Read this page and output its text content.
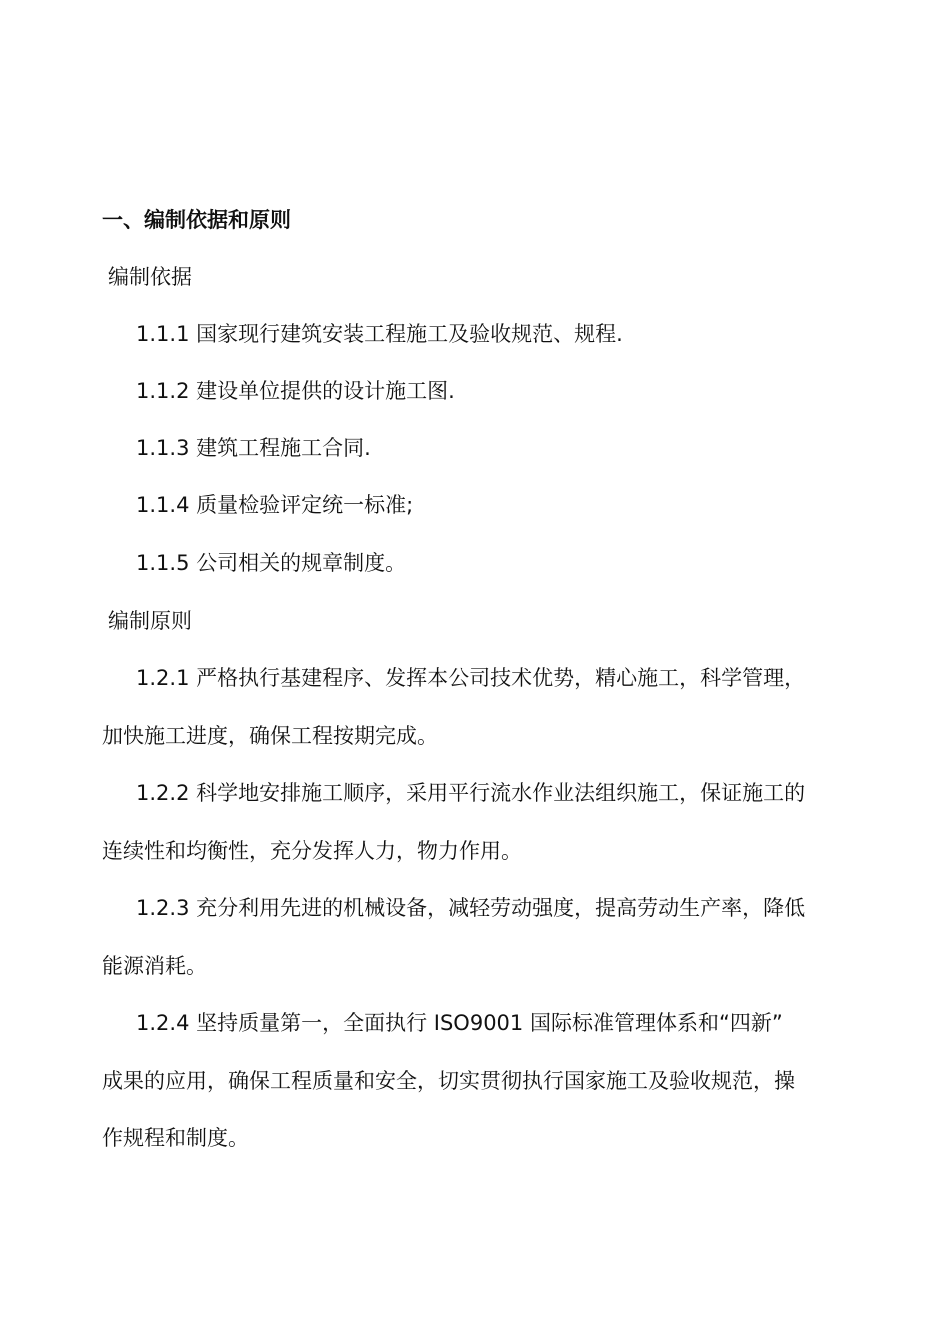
一、编制依据和原则
编制依据
1.1.1 国家现行建筑安装工程施工及验收规范、规程.
1.1.2 建设单位提供的设计施工图.
1.1.3 建筑工程施工合同.
1.1.4 质量检验评定统一标准;
1.1.5 公司相关的规章制度。
编制原则
1.2.1 严格执行基建程序、发挥本公司技术优势，精心施工，科学管理，
加快施工进度，确保工程按期完成。
1.2.2 科学地安排施工顺序，采用平行流水作业法组织施工，保证施工的
连续性和均衡性，充分发挥人力，物力作用。
1.2.3 充分利用先进的机械设备，减轻劳动强度，提高劳动生产率，降低
能源消耗。
1.2.4 坚持质量第一，全面执行 ISO9001 国际标准管理体系和“四新”
成果的应用，确保工程质量和安全，切实贯彻执行国家施工及验收规范，操
作规程和制度。
